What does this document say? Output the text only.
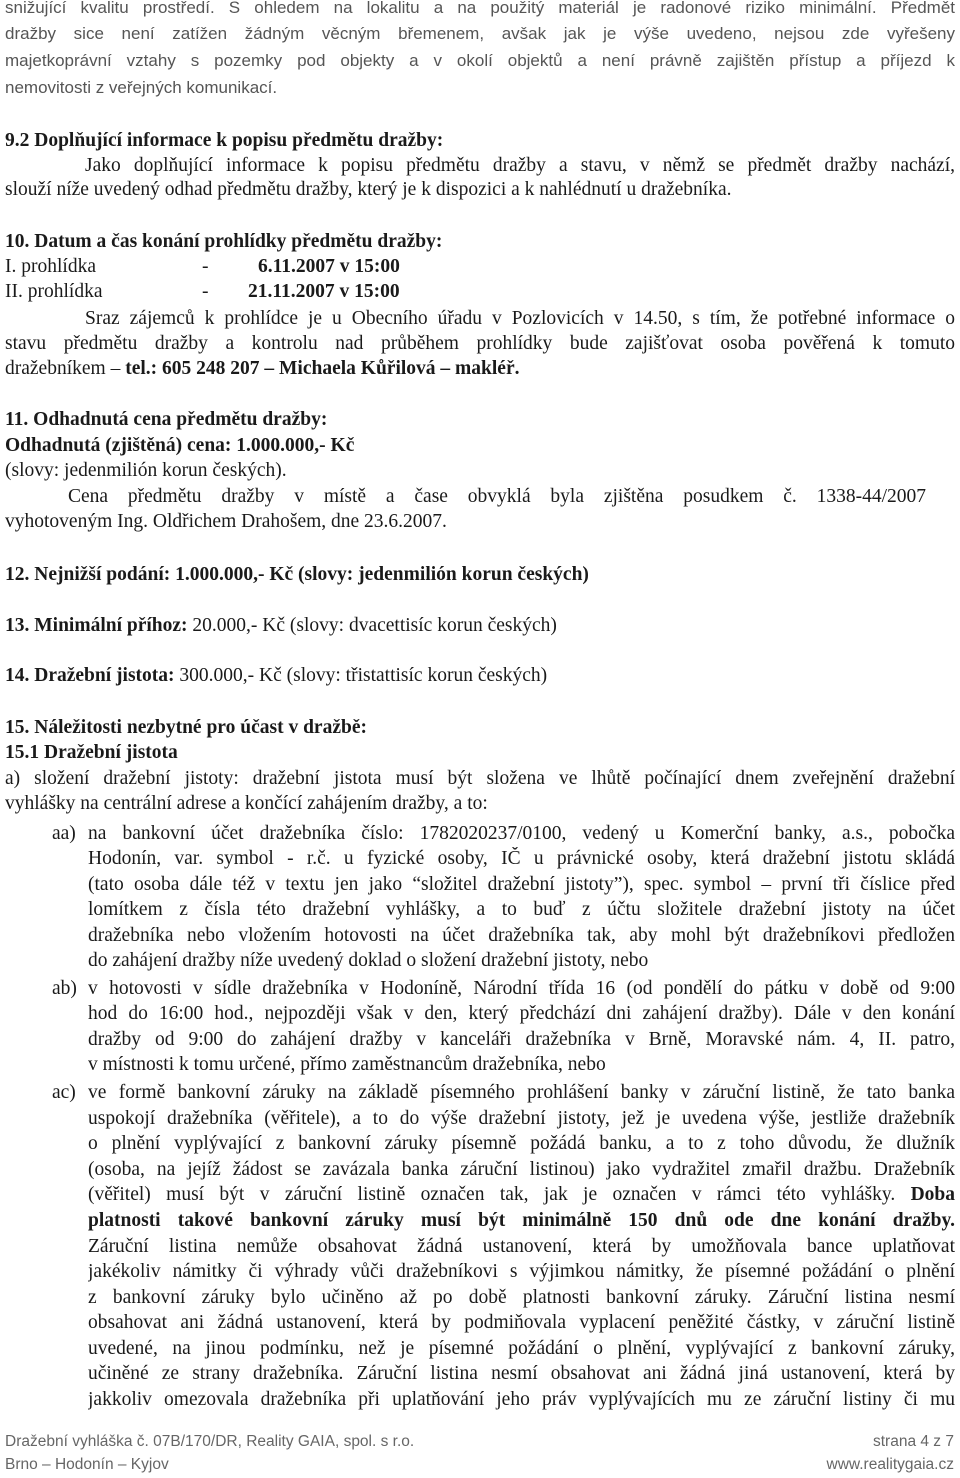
snižující kvalitu prostředí. S ohledem na lokalitu a na použitý materiál je radonové riziko minimální. Předmět
dražby sice není zatížen žádným věcným břemenem, avšak jak je výše uvedeno, nejsou zde vyřešeny
majetkoprávní vztahy s pozemky pod objekty a v okolí objektů a není právně zajištěn přístup a příjezd k
nemovitosti z veřejných komunikací.
9.2 Doplňující informace k popisu předmětu dražby:
Jako doplňující informace k popisu předmětu dražby a stavu, v němž se předmět dražby nachází,
slouží níže uvedený odhad předmětu dražby, který je k dispozici a k nahlédnutí u dražebníka.
10. Datum a čas konání prohlídky předmětu dražby:
I. prohlídka	-	6.11.2007 v 15:00
II. prohlídka	- 21.11.2007 v 15:00
Sraz zájemců k prohlídce je u Obecního úřadu v Pozlovicích v 14.50, s tím, že potřebné informace o
stavu předmětu dražby a kontrolu nad průběhem prohlídky bude zajišťovat osoba pověřená k tomuto
dražebníkem – tel.: 605 248 207 – Michaela Kůřilová – makléř.
11. Odhadnutá cena předmětu dražby:
Odhadnutá (zjištěná) cena: 1.000.000,- Kč
(slovy: jedenmilión korun českých).
Cena předmětu dražby v místě a čase obvyklá byla zjištěna posudkem č. 1338-44/2007
vyhotoveným Ing. Oldřichem Drahošem, dne 23.6.2007.
12. Nejnižší podání: 1.000.000,- Kč (slovy: jedenmilión korun českých)
13. Minimální příhoz: 20.000,- Kč (slovy: dvacettisíc korun českých)
14. Dražební jistota: 300.000,- Kč (slovy: třistattisíc korun českých)
15. Náležitosti nezbytné pro účast v dražbě:
15.1 Dražební jistota
a) složení dražební jistoty: dražební jistota musí být složena ve lhůtě počínající dnem zveřejnění dražební
vyhlášky na centrální adrese a končící zahájením dražby, a to:
aa) na bankovní účet dražebníka číslo: 1782020237/0100, vedený u Komerční banky, a.s., pobočka
Hodonín, var. symbol - r.č. u fyzické osoby, IČ u právnické osoby, která dražební jistotu skládá
(tato osoba dále též v textu jen jako “složitel dražební jistoty”), spec. symbol – první tři číslice před
lomítkem z čísla této dražební vyhlášky, a to buď z účtu složitele dražební jistoty na účet
dražebníka nebo vložením hotovosti na účet dražebníka tak, aby mohl být dražebníkovi předložen
do zahájení dražby níže uvedený doklad o složení dražební jistoty, nebo
ab) v hotovosti v sídle dražebníka v Hodoníně, Národní třída 16 (od pondělí do pátku v době od 9:00
hod do 16:00 hod., nejpozději však v den, který předchází dni zahájení dražby). Dále v den konání
dražby od 9:00 do zahájení dražby v kanceláři dražebníka v Brně, Moravské nám. 4, II. patro,
v místnosti k tomu určené, přímo zaměstnancům dražebníka, nebo
ac) ve formě bankovní záruky na základě písemného prohlášení banky v záruční listině, že tato banka
uspokojí dražebníka (věřitele), a to do výše dražební jistoty, jež je uvedena výše, jestliže dražebník
o plnění vyplývající z bankovní záruky písemně požádá banku, a to z toho důvodu, že dlužník
(osoba, na jejíž žádost se zavázala banka záruční listinou) jako vydražitel zmařil dražbu. Dražebník
(věřitel) musí být v záruční listině označen tak, jak je označen v rámci této vyhlášky. Doba
platnosti takové bankovní záruky musí být minimálně 150 dnů ode dne konání dražby.
Záruční listina nemůže obsahovat žádná ustanovení, která by umožňovala bance uplatňovat
jakékoliv námitky či výhrady vůči dražebníkovi s výjimkou námitky, že písemné požádání o plnění
z bankovní záruky bylo učiněno až po době platnosti bankovní záruky. Záruční listina nesmí
obsahovat ani žádná ustanovení, která by podmiňovala vyplacení peněžité částky, v záruční listině
uvedené, na jinou podmínku, než je písemné požádání o plnění, vyplývající z bankovní záruky,
učiněné ze strany dražebníka. Záruční listina nesmí obsahovat ani žádná jiná ustanovení, která by
jakkoliv omezovala dražebníka při uplatňování jeho práv vyplývajících mu ze záruční listiny či mu
Dražební vyhláška č. 07B/170/DR, Reality GAIA, spol. s r.o.
Brno – Hodonín – Kyjov
strana 4 z 7
www.realitygaia.cz
